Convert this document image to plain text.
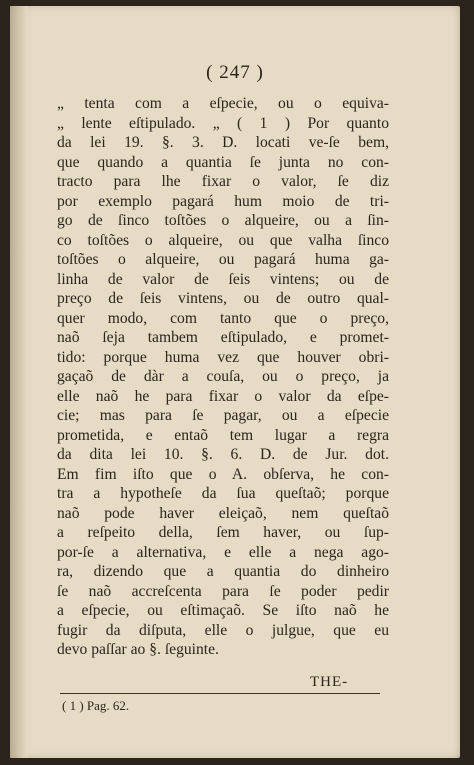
( 247 )
„ tenta com a eſpecie, ou o equiva-
„ lente eſtipulado. „ ( 1 ) Por quanto
da lei 19. §. 3. D. locati ve-ſe bem,
que quando a quantia ſe junta no con-
tracto para lhe fixar o valor, ſe diz
por exemplo pagará hum moio de tri-
go de ſinco toſtões o alqueire, ou a ſin-
co toſtões o alqueire, ou que valha ſinco
toſtões o alqueire, ou pagará huma ga-
linha de valor de ſeis vintens; ou de
preço de ſeis vintens, ou de outro qual-
quer modo, com tanto que o preço,
naõ ſeja tambem eſtipulado, e promet-
tido: porque huma vez que houver obri-
gaçaõ de dàr a couſa, ou o preço, ja
elle naõ he para fixar o valor da eſpe-
cie; mas para ſe pagar, ou a eſpecie
prometida, e entaõ tem lugar a regra
da dita lei 10. §. 6. D. de Jur. dot.
Em fim iſto que o A. obſerva, he con-
tra a hypotheſe da ſua queſtaõ; porque
naõ pode haver eleiçaõ, nem queſtaõ
a reſpeito della, ſem haver, ou ſup-
por-ſe a alternativa, e elle a nega ago-
ra, dizendo que a quantia do dinheiro
ſe naõ accreſcenta para ſe poder pedir
a eſpecie, ou eſtimaçaõ. Se iſto naõ he
fugir da diſputa, elle o julgue, que eu
devo paſſar ao §. ſeguinte.
THE-
( 1 ) Pag. 62.
